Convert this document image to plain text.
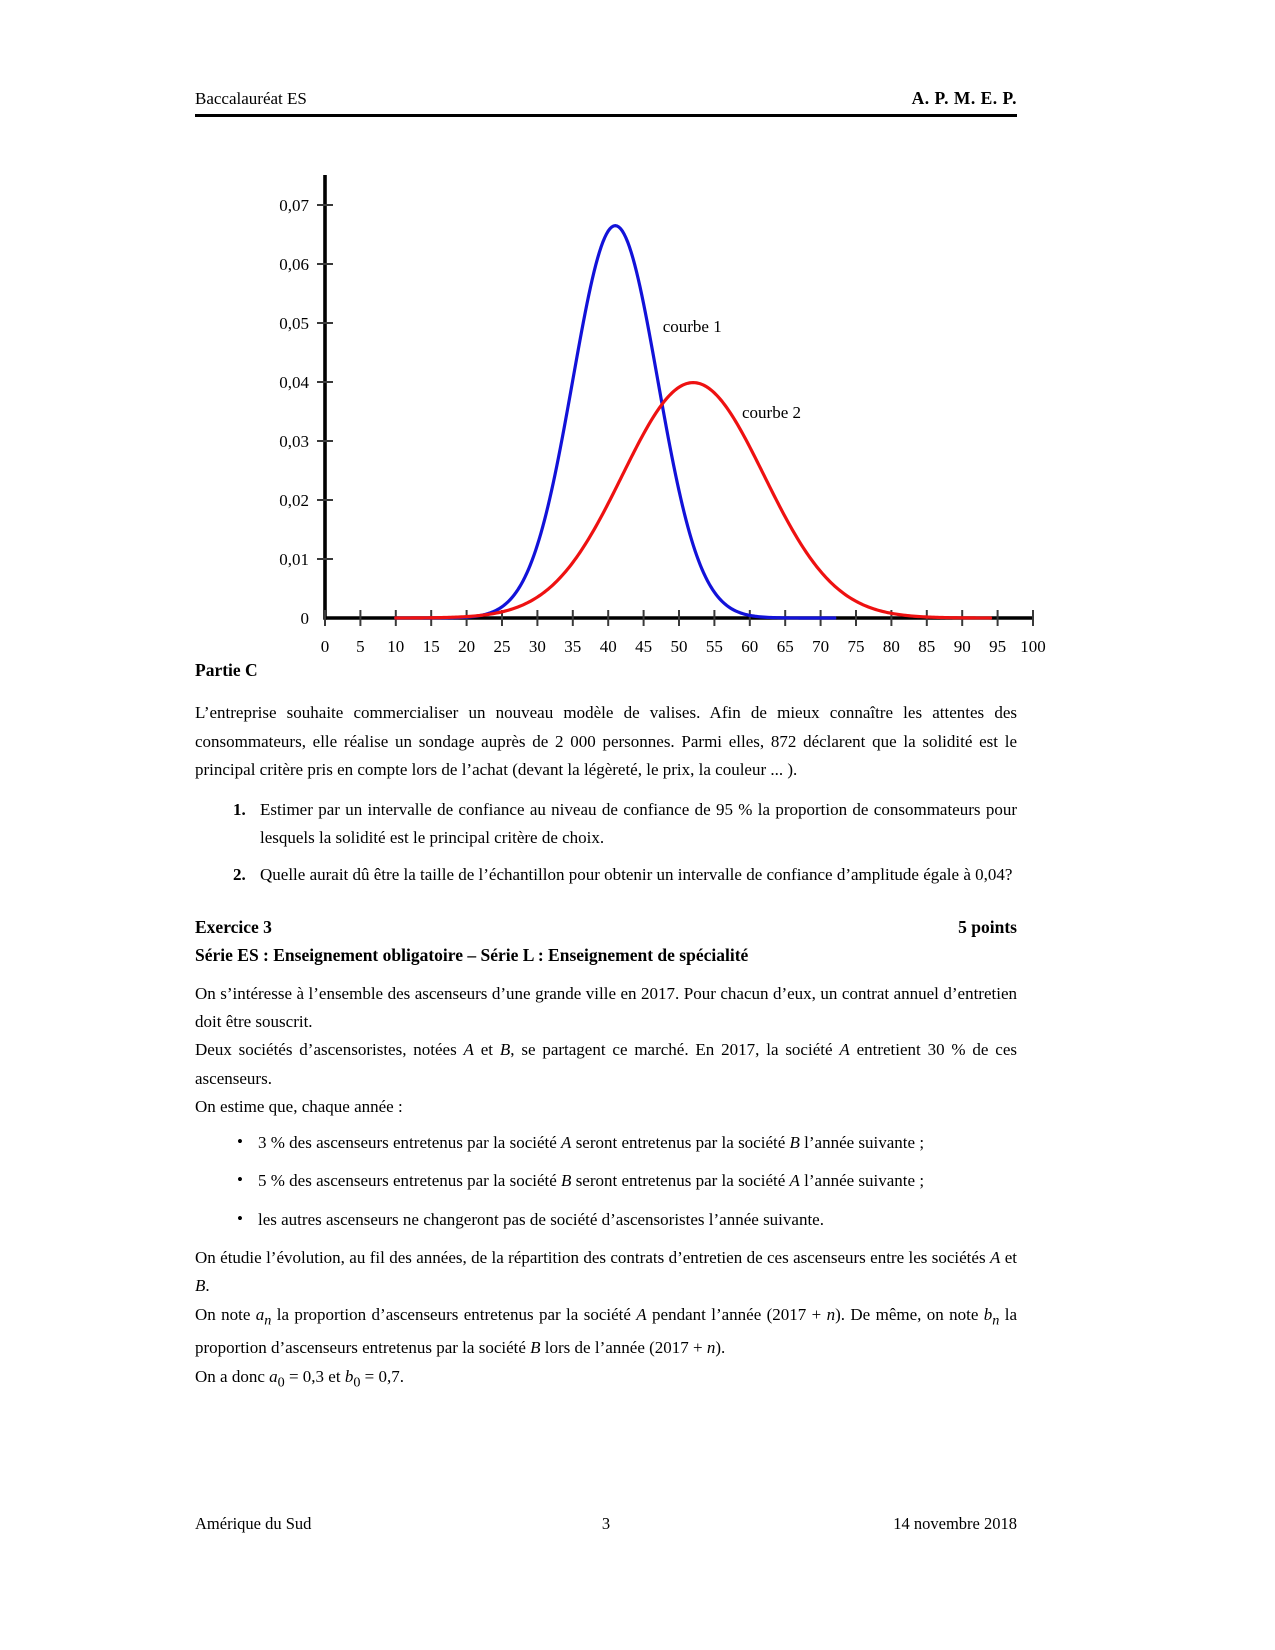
Baccalauréat ES	A. P. M. E. P.
0 5 10 15 20 25 30 35 40 45 50 55 60 65 70 75 80 85 90 95 100
0
0,01
0,02
0,03
0,04
0,05
0,06
0,07
courbe 1
courbe 2

Partie C

L’entreprise souhaite commercialiser un nouveau modèle de valises. Afin de mieux connaître les attentes des consommateurs, elle réalise un sondage auprès de 2 000 personnes. Parmi elles, 872 déclarent que la solidité est le principal critère pris en compte lors de l’achat (devant la légèreté, le prix, la couleur ... ).

1. Estimer par un intervalle de confiance au niveau de confiance de 95 % la proportion de consommateurs pour lesquels la solidité est le principal critère de choix.
2. Quelle aurait dû être la taille de l’échantillon pour obtenir un intervalle de confiance d’amplitude égale à 0,04?
Exercice 3	5 points

Série ES : Enseignement obligatoire – Série L : Enseignement de spécialité

On s’intéresse à l’ensemble des ascenseurs d’une grande ville en 2017. Pour chacun d’eux, un contrat annuel d’entretien doit être souscrit.

Deux sociétés d’ascensoristes, notées A et B, se partagent ce marché. En 2017, la société A entretient 30 % de ces ascenseurs.

On estime que, chaque année :

• 3 % des ascenseurs entretenus par la société A seront entretenus par la société B l’année suivante ;
• 5 % des ascenseurs entretenus par la société B seront entretenus par la société A l’année suivante ;
• les autres ascenseurs ne changeront pas de société d’ascensoristes l’année suivante.

On étudie l’évolution, au fil des années, de la répartition des contrats d’entretien de ces ascenseurs entre les sociétés A et B.

On note $a_n$ la proportion d’ascenseurs entretenus par la société A pendant l’année (2017 + n). De même, on note $b_n$ la proportion d’ascenseurs entretenus par la société B lors de l’année (2017 + n).

On a donc $a_0 = 0,3$ et $b_0 = 0,7$.

Amérique du Sud	3	14 novembre 2018
